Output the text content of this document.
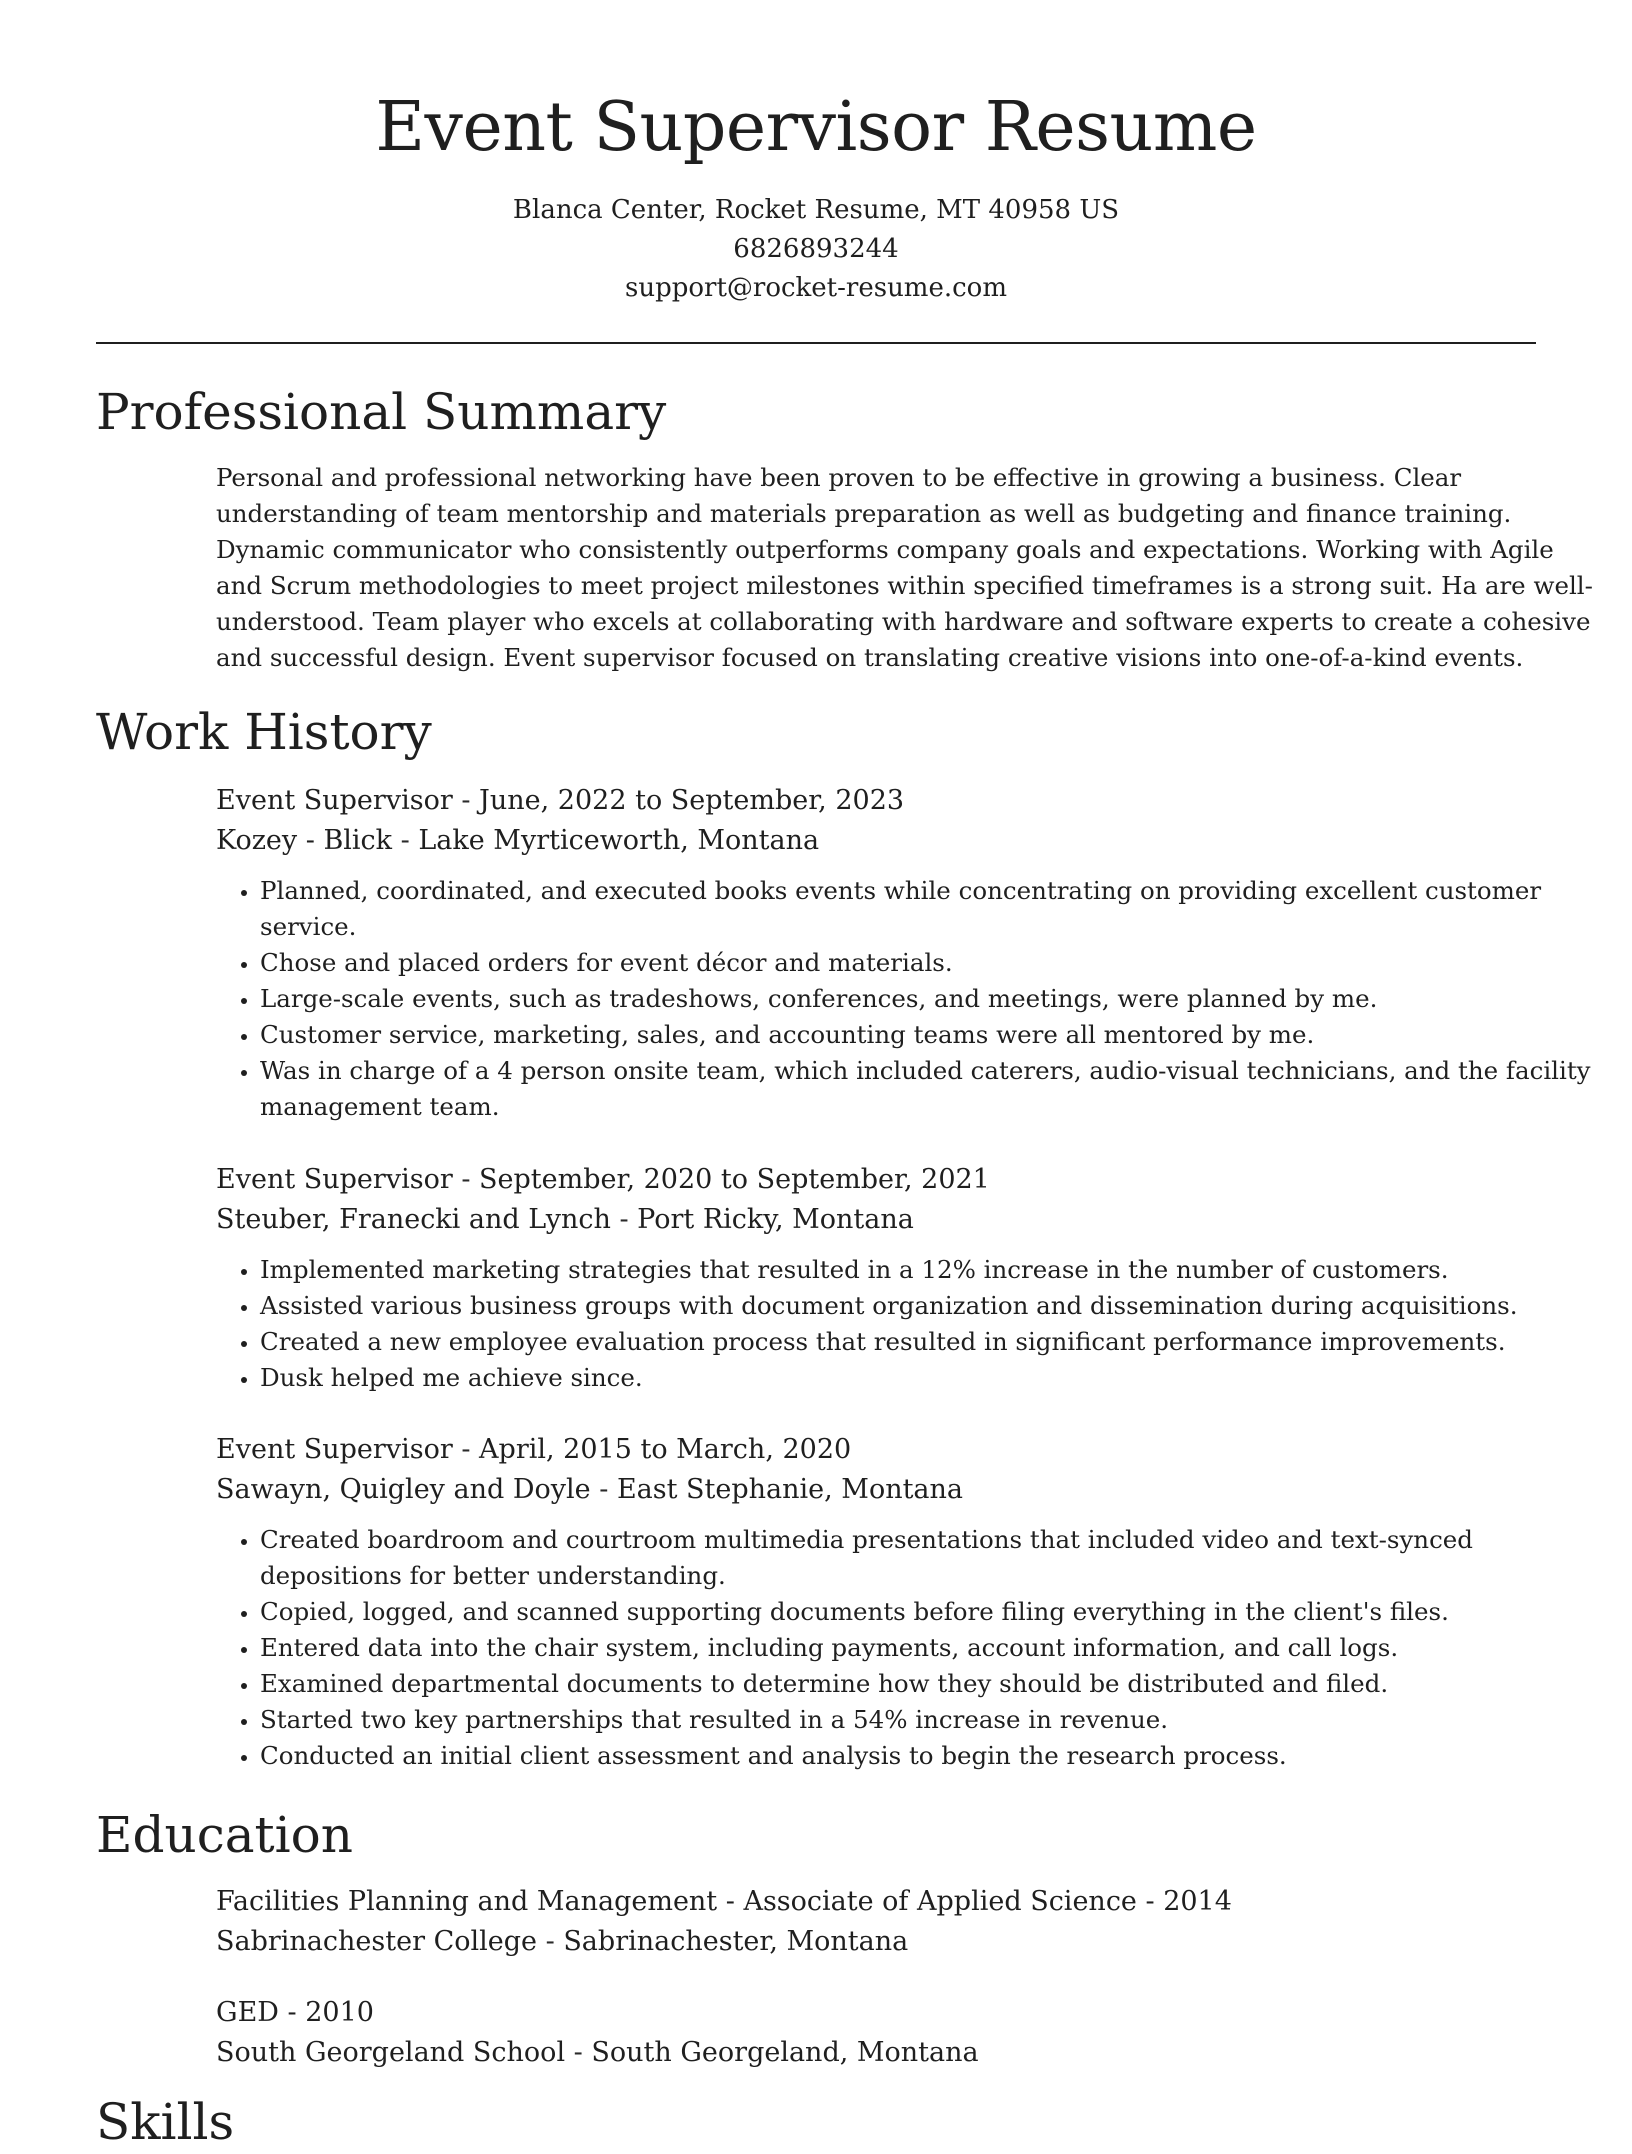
Event Supervisor Resume

Blanca Center, Rocket Resume, MT 40958 US

6826893244

support@rocket-resume.com

Professional Summary

Personal and professional networking have been proven to be effective in growing a business. Clear

understanding of team mentorship and materials preparation as well as budgeting and finance training.

Dynamic communicator who consistently outperforms company goals and expectations. Working with Agile

and Scrum methodologies to meet project milestones within specified timeframes is a strong suit. Ha are well-

understood. Team player who excels at collaborating with hardware and software experts to create a cohesive

and successful design. Event supervisor focused on translating creative visions into one-of-a-kind events.

Work History

Event Supervisor - June, 2022 to September, 2023

Kozey - Blick - Lake Myrticeworth, Montana

• Planned, coordinated, and executed books events while concentrating on providing excellent customer
service.
• Chose and placed orders for event décor and materials.
• Large-scale events, such as tradeshows, conferences, and meetings, were planned by me.
• Customer service, marketing, sales, and accounting teams were all mentored by me.
• Was in charge of a 4 person onsite team, which included caterers, audio-visual technicians, and the facility
management team.

Event Supervisor - September, 2020 to September, 2021

Steuber, Franecki and Lynch - Port Ricky, Montana

• Implemented marketing strategies that resulted in a 12% increase in the number of customers.
• Assisted various business groups with document organization and dissemination during acquisitions.
• Created a new employee evaluation process that resulted in significant performance improvements.
• Dusk helped me achieve since.

Event Supervisor - April, 2015 to March, 2020

Sawayn, Quigley and Doyle - East Stephanie, Montana

• Created boardroom and courtroom multimedia presentations that included video and text-synced
depositions for better understanding.
• Copied, logged, and scanned supporting documents before filing everything in the client's files.
• Entered data into the chair system, including payments, account information, and call logs.
• Examined departmental documents to determine how they should be distributed and filed.
• Started two key partnerships that resulted in a 54% increase in revenue.
• Conducted an initial client assessment and analysis to begin the research process.
Education

Facilities Planning and Management - Associate of Applied Science - 2014

Sabrinachester College - Sabrinachester, Montana

GED - 2010

South Georgeland School - South Georgeland, Montana

Skills
